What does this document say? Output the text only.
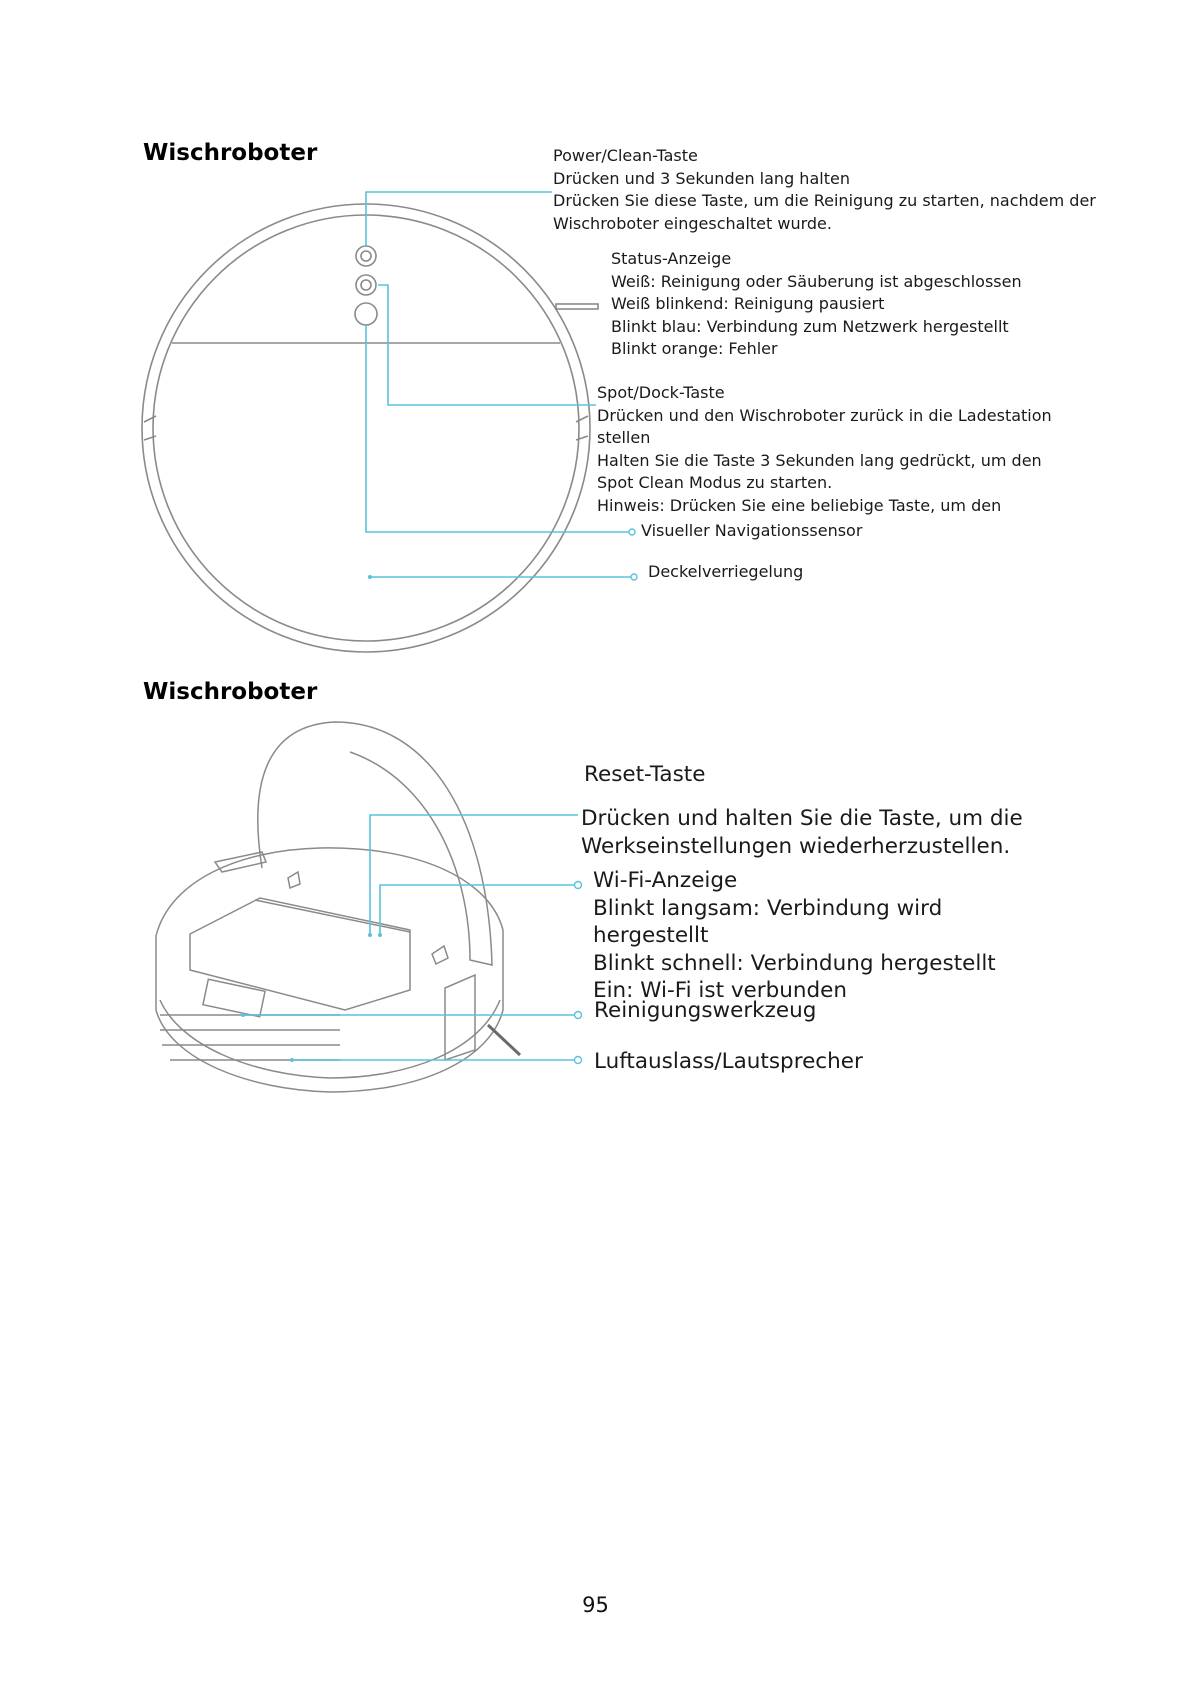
Wischroboter	Power/Clean-Taste
Drücken und 3 Sekunden lang halten
Drücken Sie diese Taste, um die Reinigung zu starten, nachdem der
Wischroboter eingeschaltet wurde.
Status-Anzeige
Weiß: Reinigung oder Säuberung ist abgeschlossen
Weiß blinkend: Reinigung pausiert
Blinkt blau: Verbindung zum Netzwerk hergestellt
Blinkt orange: Fehler
Spot/Dock-Taste
Drücken und den Wischroboter zurück in die Ladestation
stellen
Halten Sie die Taste 3 Sekunden lang gedrückt, um den
Spot Clean Modus zu starten.
Hinweis: Drücken Sie eine beliebige Taste, um den
Visueller Navigationssensor
Deckelverriegelung
Wischroboter
Reset-Taste
Drücken und halten Sie die Taste, um die
Werkseinstellungen wiederherzustellen.
Wi-Fi-Anzeige
Blinkt langsam: Verbindung wird
hergestellt
Blinkt schnell: Verbindung hergestellt
Ein: Wi-Fi ist verbunden
Reinigungswerkzeug
Luftauslass/Lautsprecher

95
